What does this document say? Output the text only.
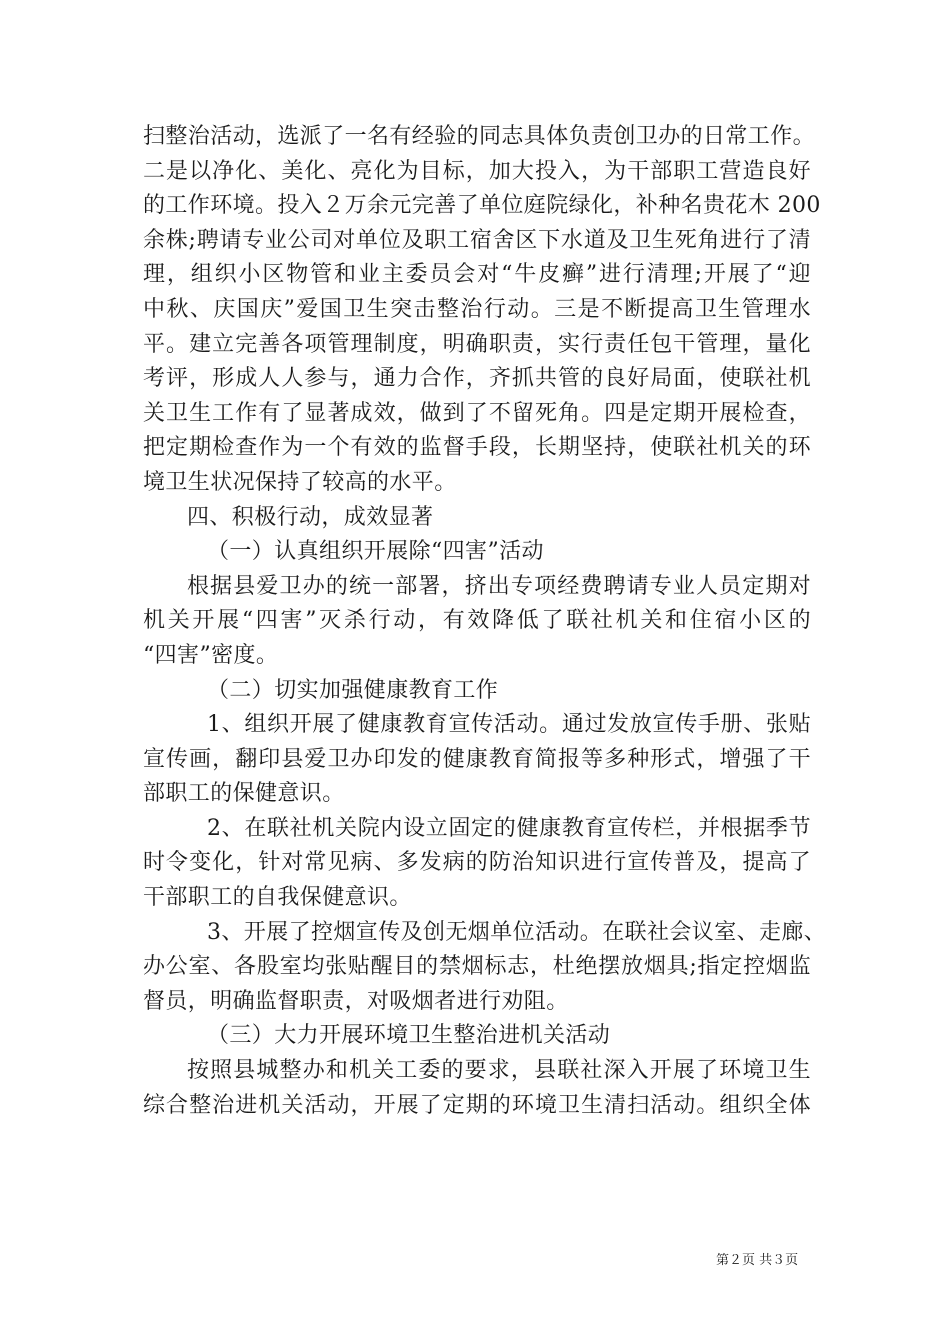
扫整治活动，选派了一名有经验的同志具体负责创卫办的日常工作。
二是以净化、美化、亮化为目标，加大投入，为干部职工营造良好
的工作环境。投入２万余元完善了单位庭院绿化，补种名贵花木 200
余株;聘请专业公司对单位及职工宿舍区下水道及卫生死角进行了清
理，组织小区物管和业主委员会对“牛皮癣”进行清理;开展了“迎
中秋、庆国庆”爱国卫生突击整治行动。三是不断提高卫生管理水
平。建立完善各项管理制度，明确职责，实行责任包干管理，量化
考评，形成人人参与，通力合作，齐抓共管的良好局面，使联社机
关卫生工作有了显著成效，做到了不留死角。四是定期开展检查，
把定期检查作为一个有效的监督手段，长期坚持，使联社机关的环
境卫生状况保持了较高的水平。
四、积极行动，成效显著
（一）认真组织开展除“四害”活动
根据县爱卫办的统一部署，挤出专项经费聘请专业人员定期对
机关开展“四害”灭杀行动，有效降低了联社机关和住宿小区的
“四害”密度。
（二）切实加强健康教育工作
1、组织开展了健康教育宣传活动。通过发放宣传手册、张贴
宣传画，翻印县爱卫办印发的健康教育简报等多种形式，增强了干
部职工的保健意识。
2、在联社机关院内设立固定的健康教育宣传栏，并根据季节
时令变化，针对常见病、多发病的防治知识进行宣传普及，提高了
干部职工的自我保健意识。
3、开展了控烟宣传及创无烟单位活动。在联社会议室、走廊、
办公室、各股室均张贴醒目的禁烟标志，杜绝摆放烟具;指定控烟监
督员，明确监督职责，对吸烟者进行劝阻。
（三）大力开展环境卫生整治进机关活动
按照县城整办和机关工委的要求，县联社深入开展了环境卫生
综合整治进机关活动，开展了定期的环境卫生清扫活动。组织全体
第２页 共３页
